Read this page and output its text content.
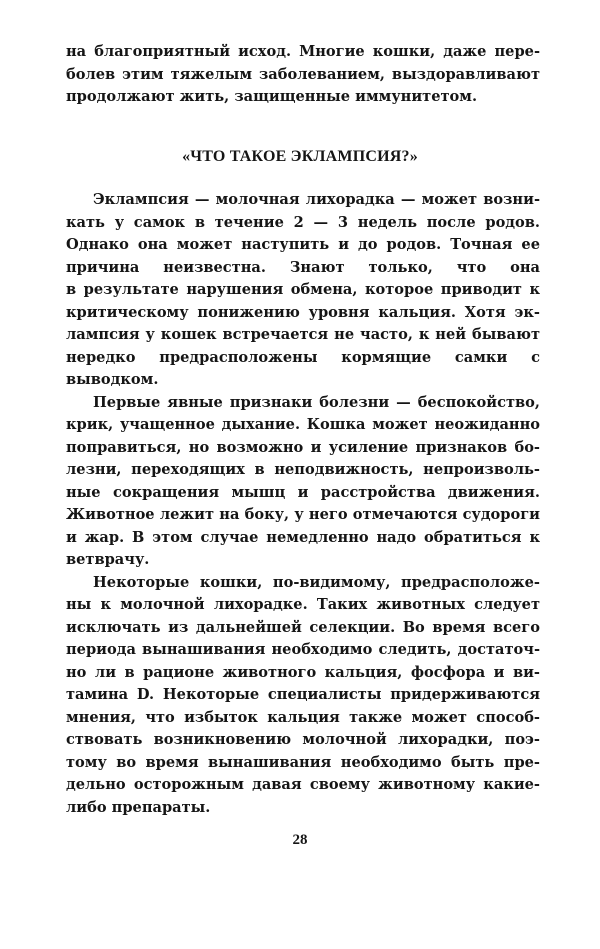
на благоприятный исход. Многие кошки, даже пере-
болев этим тяжелым заболеванием, выздоравливают
продолжают жить, защищенные иммунитетом.
«ЧТО ТАКОЕ ЭКЛАМПСИЯ?»
Эклампсия — молочная лихорадка — может возни-
кать у самок в течение 2 — 3 недель после родов.
Однако она может наступить и до родов. Точная ее
причина неизвестна. Знают только, что она
в результате нарушения обмена, которое приводит к
критическому понижению уровня кальция. Хотя эк-
лампсия у кошек встречается не часто, к ней бывают
нередко предрасположены кормящие самки с
выводком.
Первые явные признаки болезни — беспокойство,
крик, учащенное дыхание. Кошка может неожиданно
поправиться, но возможно и усиление признаков бо-
лезни, переходящих в неподвижность, непроизволь-
ные сокращения мышц и расстройства движения.
Животное лежит на боку, у него отмечаются судороги
и жар. В этом случае немедленно надо обратиться к
ветврачу.
Некоторые кошки, по-видимому, предрасположе-
ны к молочной лихорадке. Таких животных следует
исключать из дальнейшей селекции. Во время всего
периода вынашивания необходимо следить, достаточ-
но ли в рационе животного кальция, фосфора и ви-
тамина D. Некоторые специалисты придерживаются
мнения, что избыток кальция также может способ-
ствовать возникновению молочной лихорадки, поэ-
тому во время вынашивания необходимо быть пре-
дельно осторожным давая своему животному какие-
либо препараты.
28
